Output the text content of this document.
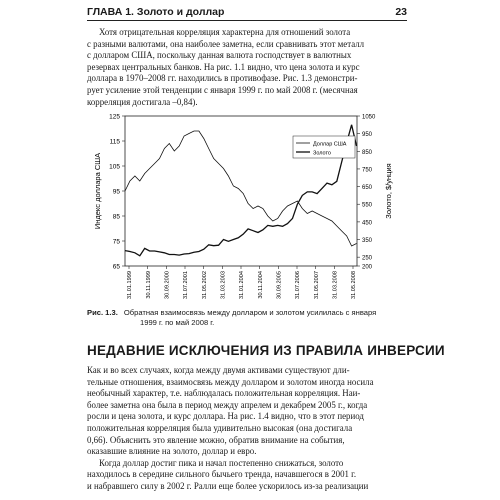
ГЛАВА 1. Золото и доллар	23
Хотя отрицательная корреляция характерна для отношений золота
с разными валютами, она наиболее заметна, если сравнивать этот металл
с долларом США, поскольку данная валюта господствует в валютных
резервах центральных банков. На рис. 1.1 видно, что цена золота и курс
доллара в 1970–2008 гг. находились в противофазе. Рис. 1.3 демонстри-
рует усиление этой тенденции с января 1999 г. по май 2008 г. (месячная
корреляция достигала –0,84).
Индекс доллара США	Золото, $/унция
125
115
105
95
85
75
65
1050
950
850
750
650
550
450
350
250
200
31.01.1999 30.11.1999 30.09.2000 31.07.2001 31.05.2002 31.03.2003 31.01.2004 30.11.2004 30.09.2005 31.07.2006 31.05.2007 31.03.2008 31.05.2008
Доллар США
Золото
Рис. 1.3. Обратная взаимосвязь между долларом и золотом усилилась с января
1999 г. по май 2008 г.
НЕДАВНИЕ ИСКЛЮЧЕНИЯ ИЗ ПРАВИЛА ИНВЕРСИИ
Как и во всех случаях, когда между двумя активами существуют дли-
тельные отношения, взаимосвязь между долларом и золотом иногда носила
необычный характер, т.е. наблюдалась положительная корреляция. Наи-
более заметна она была в период между апрелем и декабрем 2005 г., когда
росли и цена золота, и курс доллара. На рис. 1.4 видно, что в этот период
положительная корреляция была удивительно высокая (она достигала
0,66). Объяснить это явление можно, обратив внимание на события,
оказавшие влияние на золото, доллар и евро.
Когда доллар достиг пика и начал постепенно снижаться, золото
находилось в середине сильного бычьего тренда, начавшегося в 2001 г.
и набравшего силу в 2002 г. Ралли еще более ускорилось из-за реализации
